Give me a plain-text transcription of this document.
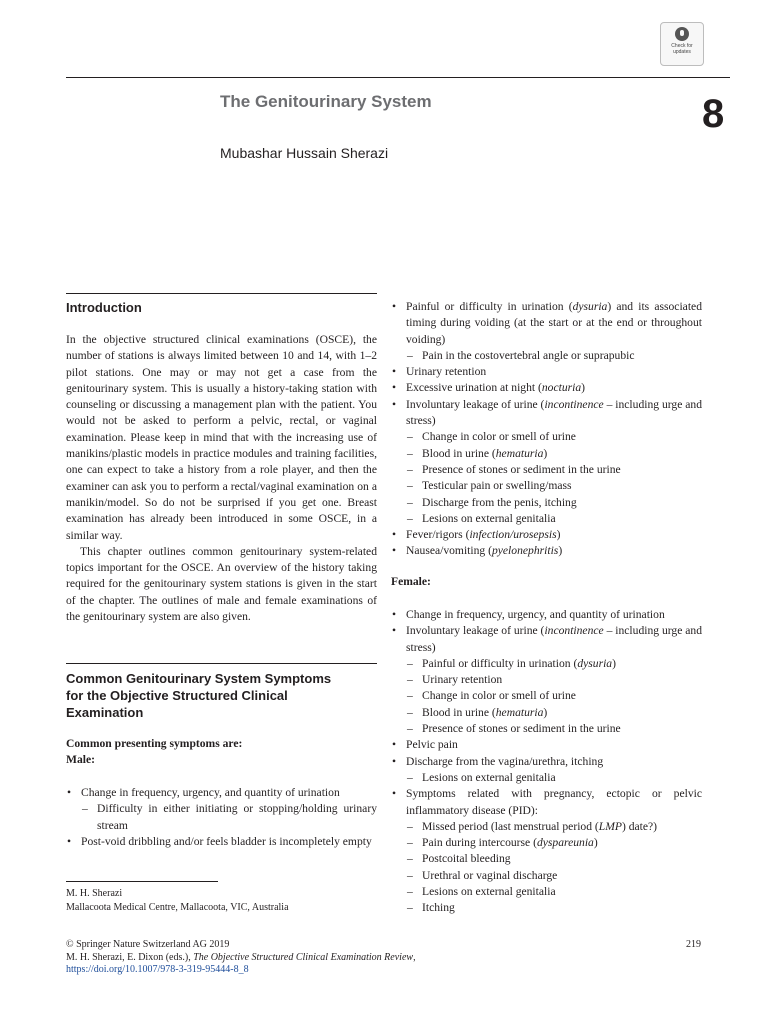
Check for
updates
The Genitourinary System	8
Mubashar Hussain Sherazi
Introduction

In the objective structured clinical examinations (OSCE), the number of stations is always limited between 10 and 14, with 1–2 pilot stations. One may or may not get a case from the genitourinary system. This is usually a history-taking station with counseling or discussing a management plan with the patient. You would not be asked to perform a pelvic, rectal, or vaginal examination. Please keep in mind that with the increasing use of manikins/plastic models in practice modules and training facilities, one can expect to take a history from a role player, and then the examiner can ask you to perform a rectal/vaginal examination on a manikin/model. So do not be surprised if you get one. Breast examination has already been introduced in some OSCE, in a similar way.

This chapter outlines common genitourinary system-related topics important for the OSCE. An overview of the history taking required for the genitourinary system stations is given in the start of the chapter. The outlines of male and female examinations of the genitourinary system are also given.

Common Genitourinary System Symptoms
for the Objective Structured Clinical
Examination
Common presenting symptoms are:
Male:
• Change in frequency, urgency, and quantity of urination
– Difficulty in either initiating or stopping/holding urinary stream
• Post-void dribbling and/or feels bladder is incompletely empty
M. H. Sherazi
Mallacoota Medical Centre, Mallacoota, VIC, Australia
• Painful or difficulty in urination (dysuria) and its associated timing during voiding (at the start or at the end or throughout voiding)
– Pain in the costovertebral angle or suprapubic
• Urinary retention
• Excessive urination at night (nocturia)
• Involuntary leakage of urine (incontinence – including urge and stress)
– Change in color or smell of urine
– Blood in urine (hematuria)
– Presence of stones or sediment in the urine
– Testicular pain or swelling/mass
– Discharge from the penis, itching
– Lesions on external genitalia
• Fever/rigors (infection/urosepsis)
• Nausea/vomiting (pyelonephritis)
Female:
• Change in frequency, urgency, and quantity of urination
• Involuntary leakage of urine (incontinence – including urge and stress)
– Painful or difficulty in urination (dysuria)
– Urinary retention
– Change in color or smell of urine
– Blood in urine (hematuria)
– Presence of stones or sediment in the urine
• Pelvic pain
• Discharge from the vagina/urethra, itching
– Lesions on external genitalia
• Symptoms related with pregnancy, ectopic or pelvic inflammatory disease (PID):
– Missed period (last menstrual period (LMP) date?)
– Pain during intercourse (dyspareunia)
– Postcoital bleeding
– Urethral or vaginal discharge
– Lesions on external genitalia
– Itching
© Springer Nature Switzerland AG 2019
M. H. Sherazi, E. Dixon (eds.), The Objective Structured Clinical Examination Review,
https://doi.org/10.1007/978-3-319-95444-8_8
219
